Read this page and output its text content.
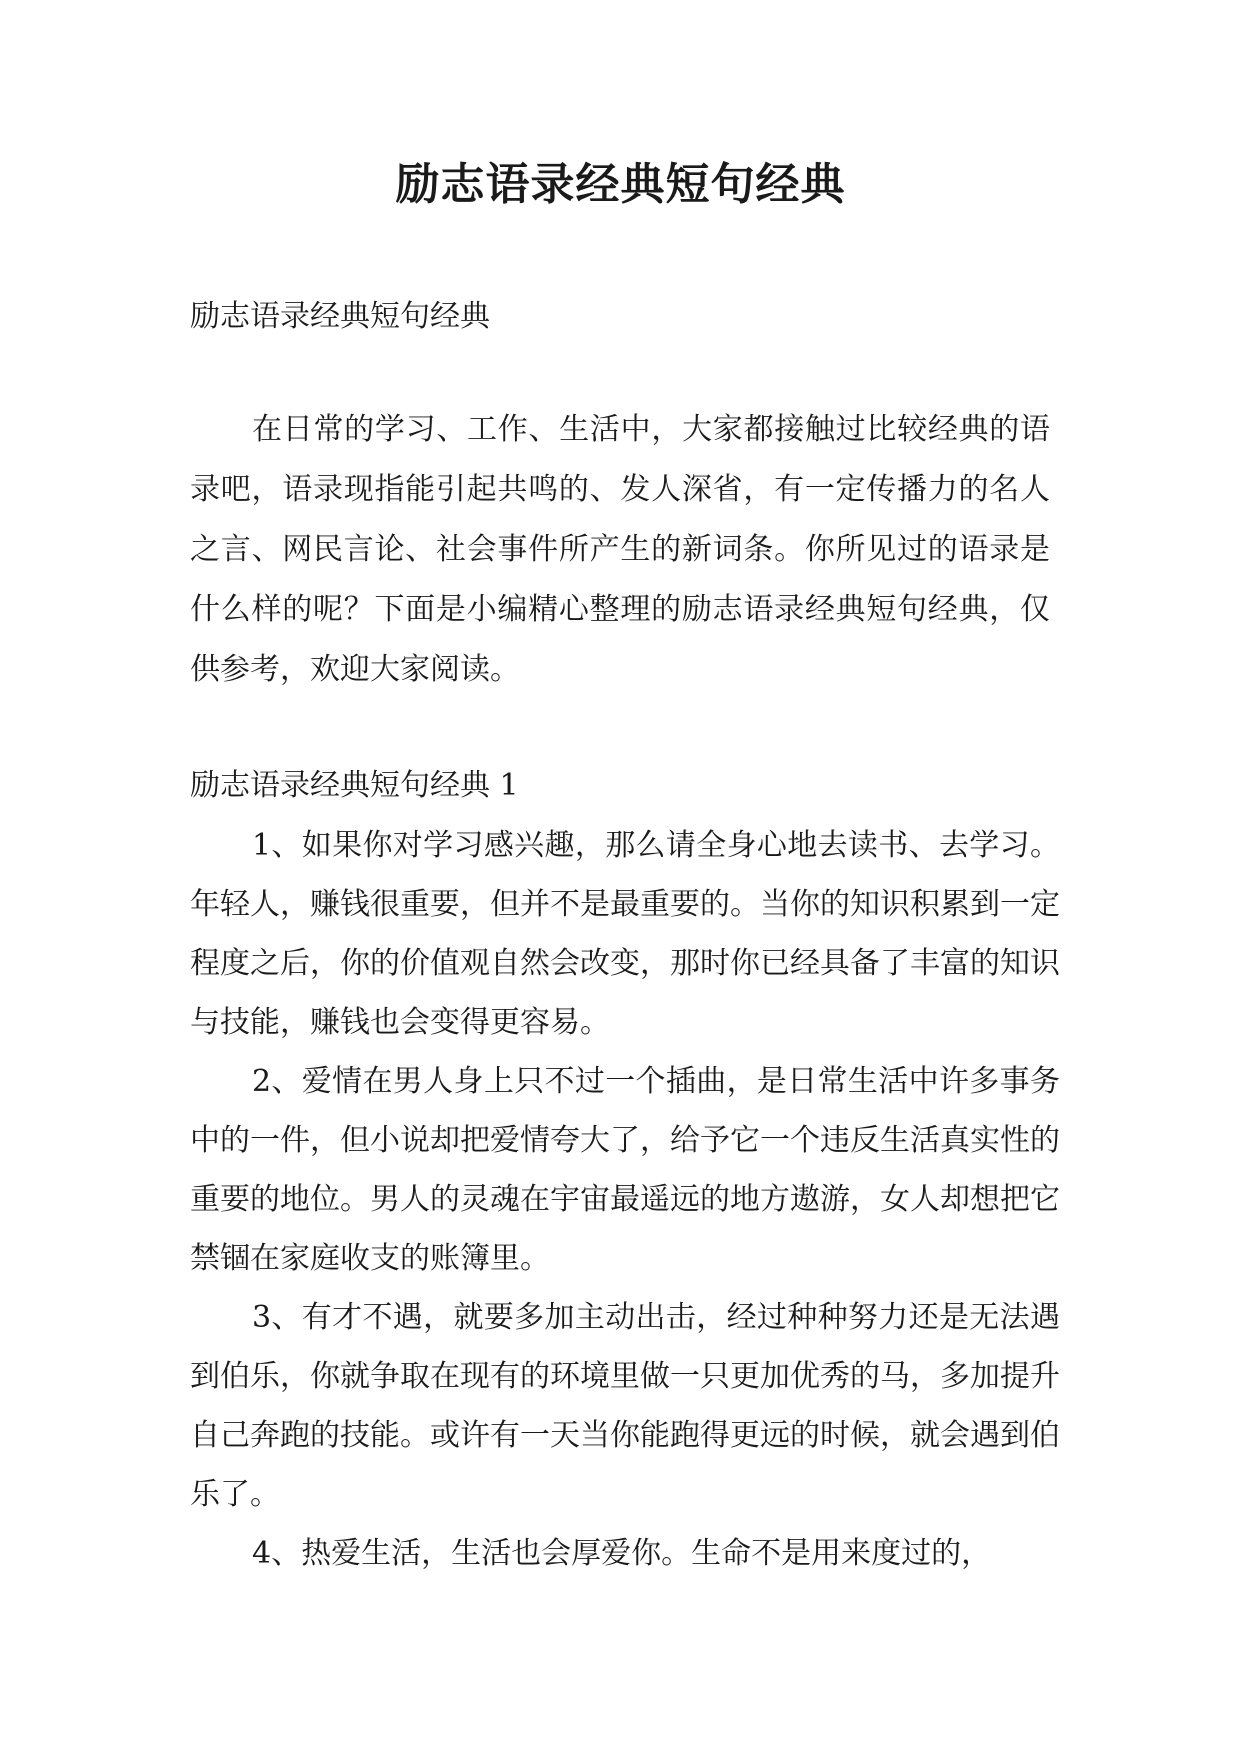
励志语录经典短句经典

励志语录经典短句经典

在日常的学习、工作、生活中，大家都接触过比较经典的语录吧，语录现指能引起共鸣的、发人深省，有一定传播力的名人之言、网民言论、社会事件所产生的新词条。你所见过的语录是什么样的呢？下面是小编精心整理的励志语录经典短句经典，仅供参考，欢迎大家阅读。

励志语录经典短句经典 1

1、如果你对学习感兴趣，那么请全身心地去读书、去学习。年轻人，赚钱很重要，但并不是最重要的。当你的知识积累到一定程度之后，你的价值观自然会改变，那时你已经具备了丰富的知识与技能，赚钱也会变得更容易。

2、爱情在男人身上只不过一个插曲，是日常生活中许多事务中的一件，但小说却把爱情夸大了，给予它一个违反生活真实性的重要的地位。男人的灵魂在宇宙最遥远的地方遨游，女人却想把它禁锢在家庭收支的账簿里。

3、有才不遇，就要多加主动出击，经过种种努力还是无法遇到伯乐，你就争取在现有的环境里做一只更加优秀的马，多加提升自己奔跑的技能。或许有一天当你能跑得更远的时候，就会遇到伯乐了。

4、热爱生活，生活也会厚爱你。生命不是用来度过的，
